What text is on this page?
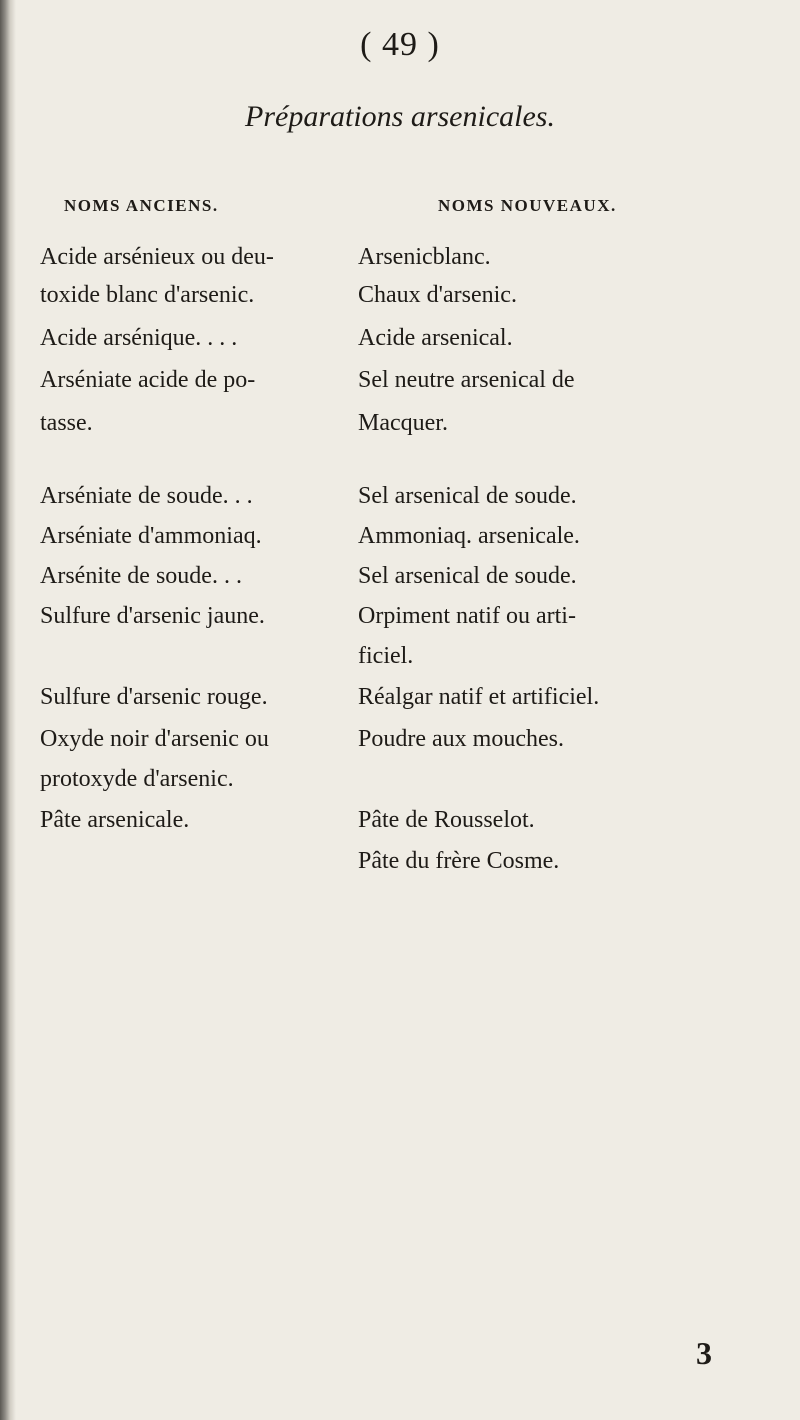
( 49 )
Préparations arsenicales.
NOMS ANCIENS.	NOMS NOUVEAUX.
Acide arsénieux ou deu-	Arsenicblanc.
toxide blanc d'arsenic.	Chaux d'arsenic.
Acide arsénique. . . .	Acide arsenical.
Arséniate acide de po-	Sel neutre arsenical de
tasse.	Macquer.
Arséniate de soude. . .	Sel arsenical de soude.
Arséniate d'ammoniaq.	Ammoniaq. arsenicale.
Arsénite de soude. . .	Sel arsenical de soude.
Sulfure d'arsenic jaune.	Orpiment natif ou arti-
ficiel.
Sulfure d'arsenic rouge.	Réalgar natif et artificiel.
Oxyde noir d'arsenic ou	Poudre aux mouches.
protoxyde d'arsenic.
Pâte arsenicale.	Pâte de Rousselot.
Pâte du frère Cosme.
3
